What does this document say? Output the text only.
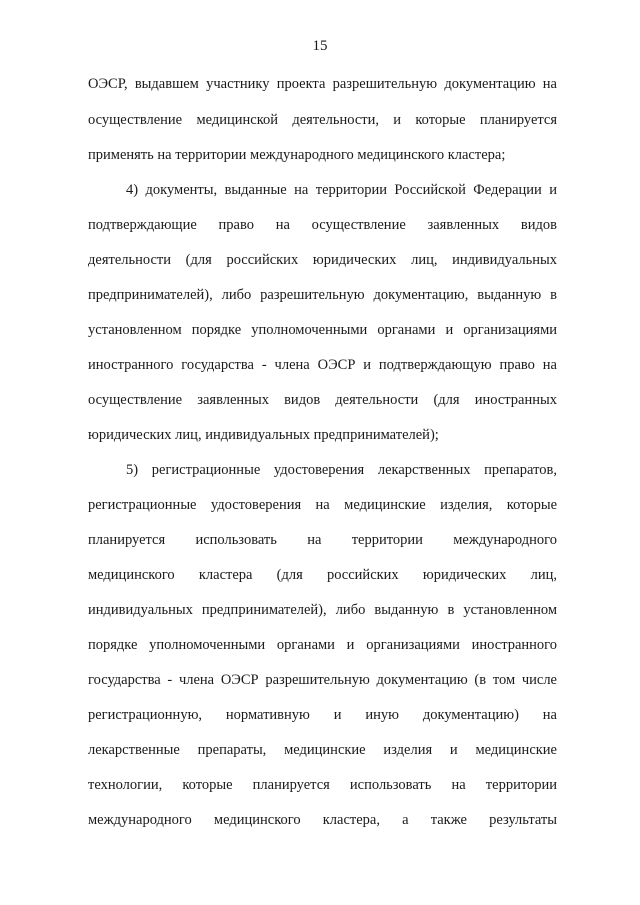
15
ОЭСР, выдавшем участнику проекта разрешительную документацию на
осуществление медицинской деятельности, и которые планируется
применять на территории международного медицинского кластера;
4) документы, выданные на территории Российской Федерации и
подтверждающие право на осуществление заявленных видов
деятельности (для российских юридических лиц, индивидуальных
предпринимателей), либо разрешительную документацию, выданную в
установленном порядке уполномоченными органами и организациями
иностранного государства - члена ОЭСР и подтверждающую право на
осуществление заявленных видов деятельности (для иностранных
юридических лиц, индивидуальных предпринимателей);
5) регистрационные удостоверения лекарственных препаратов,
регистрационные удостоверения на медицинские изделия, которые
планируется использовать на территории международного
медицинского кластера (для российских юридических лиц,
индивидуальных предпринимателей), либо выданную в установленном
порядке уполномоченными органами и организациями иностранного
государства - члена ОЭСР разрешительную документацию (в том числе
регистрационную, нормативную и иную документацию) на
лекарственные препараты, медицинские изделия и медицинские
технологии, которые планируется использовать на территории
международного медицинского кластера, а также результаты
